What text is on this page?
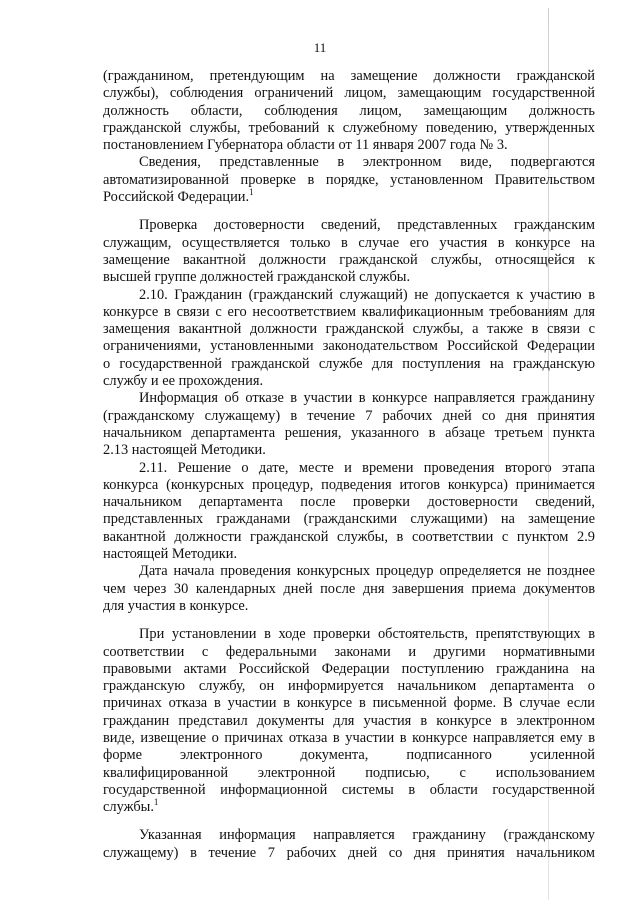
11
(гражданином, претендующим на замещение должности гражданской
службы), соблюдения ограничений лицом, замещающим государственной
должность области, соблюдения лицом, замещающим должность
гражданской службы, требований к служебному поведению, утвержденных
постановлением Губернатора области от 11 января 2007 года № 3.
Сведения, представленные в электронном виде, подвергаются
автоматизированной проверке в порядке, установленном Правительством
Российской Федерации.$^1$
Проверка достоверности сведений, представленных гражданским
служащим, осуществляется только в случае его участия в конкурсе на
замещение вакантной должности гражданской службы, относящейся к
высшей группе должностей гражданской службы.
2.10. Гражданин (гражданский служащий) не допускается к участию в
конкурсе в связи с его несоответствием квалификационным требованиям для
замещения вакантной должности гражданской службы, а также в связи с
ограничениями, установленными законодательством Российской Федерации
о государственной гражданской службе для поступления на гражданскую
службу и ее прохождения.
Информация об отказе в участии в конкурсе направляется гражданину
(гражданскому служащему) в течение 7 рабочих дней со дня принятия
начальником департамента решения, указанного в абзаце третьем пункта
2.13 настоящей Методики.
2.11. Решение о дате, месте и времени проведения второго этапа
конкурса (конкурсных процедур, подведения итогов конкурса) принимается
начальником департамента после проверки достоверности сведений,
представленных гражданами (гражданскими служащими) на замещение
вакантной должности гражданской службы, в соответствии с пунктом 2.9
настоящей Методики.
Дата начала проведения конкурсных процедур определяется не позднее
чем через 30 календарных дней после дня завершения приема документов
для участия в конкурсе.
При установлении в ходе проверки обстоятельств, препятствующих в
соответствии с федеральными законами и другими нормативными
правовыми актами Российской Федерации поступлению гражданина на
гражданскую службу, он информируется начальником департамента о
причинах отказа в участии в конкурсе в письменной форме. В случае если
гражданин представил документы для участия в конкурсе в электронном
виде, извещение о причинах отказа в участии в конкурсе направляется ему в
форме электронного документа, подписанного усиленной
квалифицированной электронной подписью, с использованием
государственной информационной системы в области государственной
службы.$^1$
Указанная информация направляется гражданину (гражданскому
служащему) в течение 7 рабочих дней со дня принятия начальником
